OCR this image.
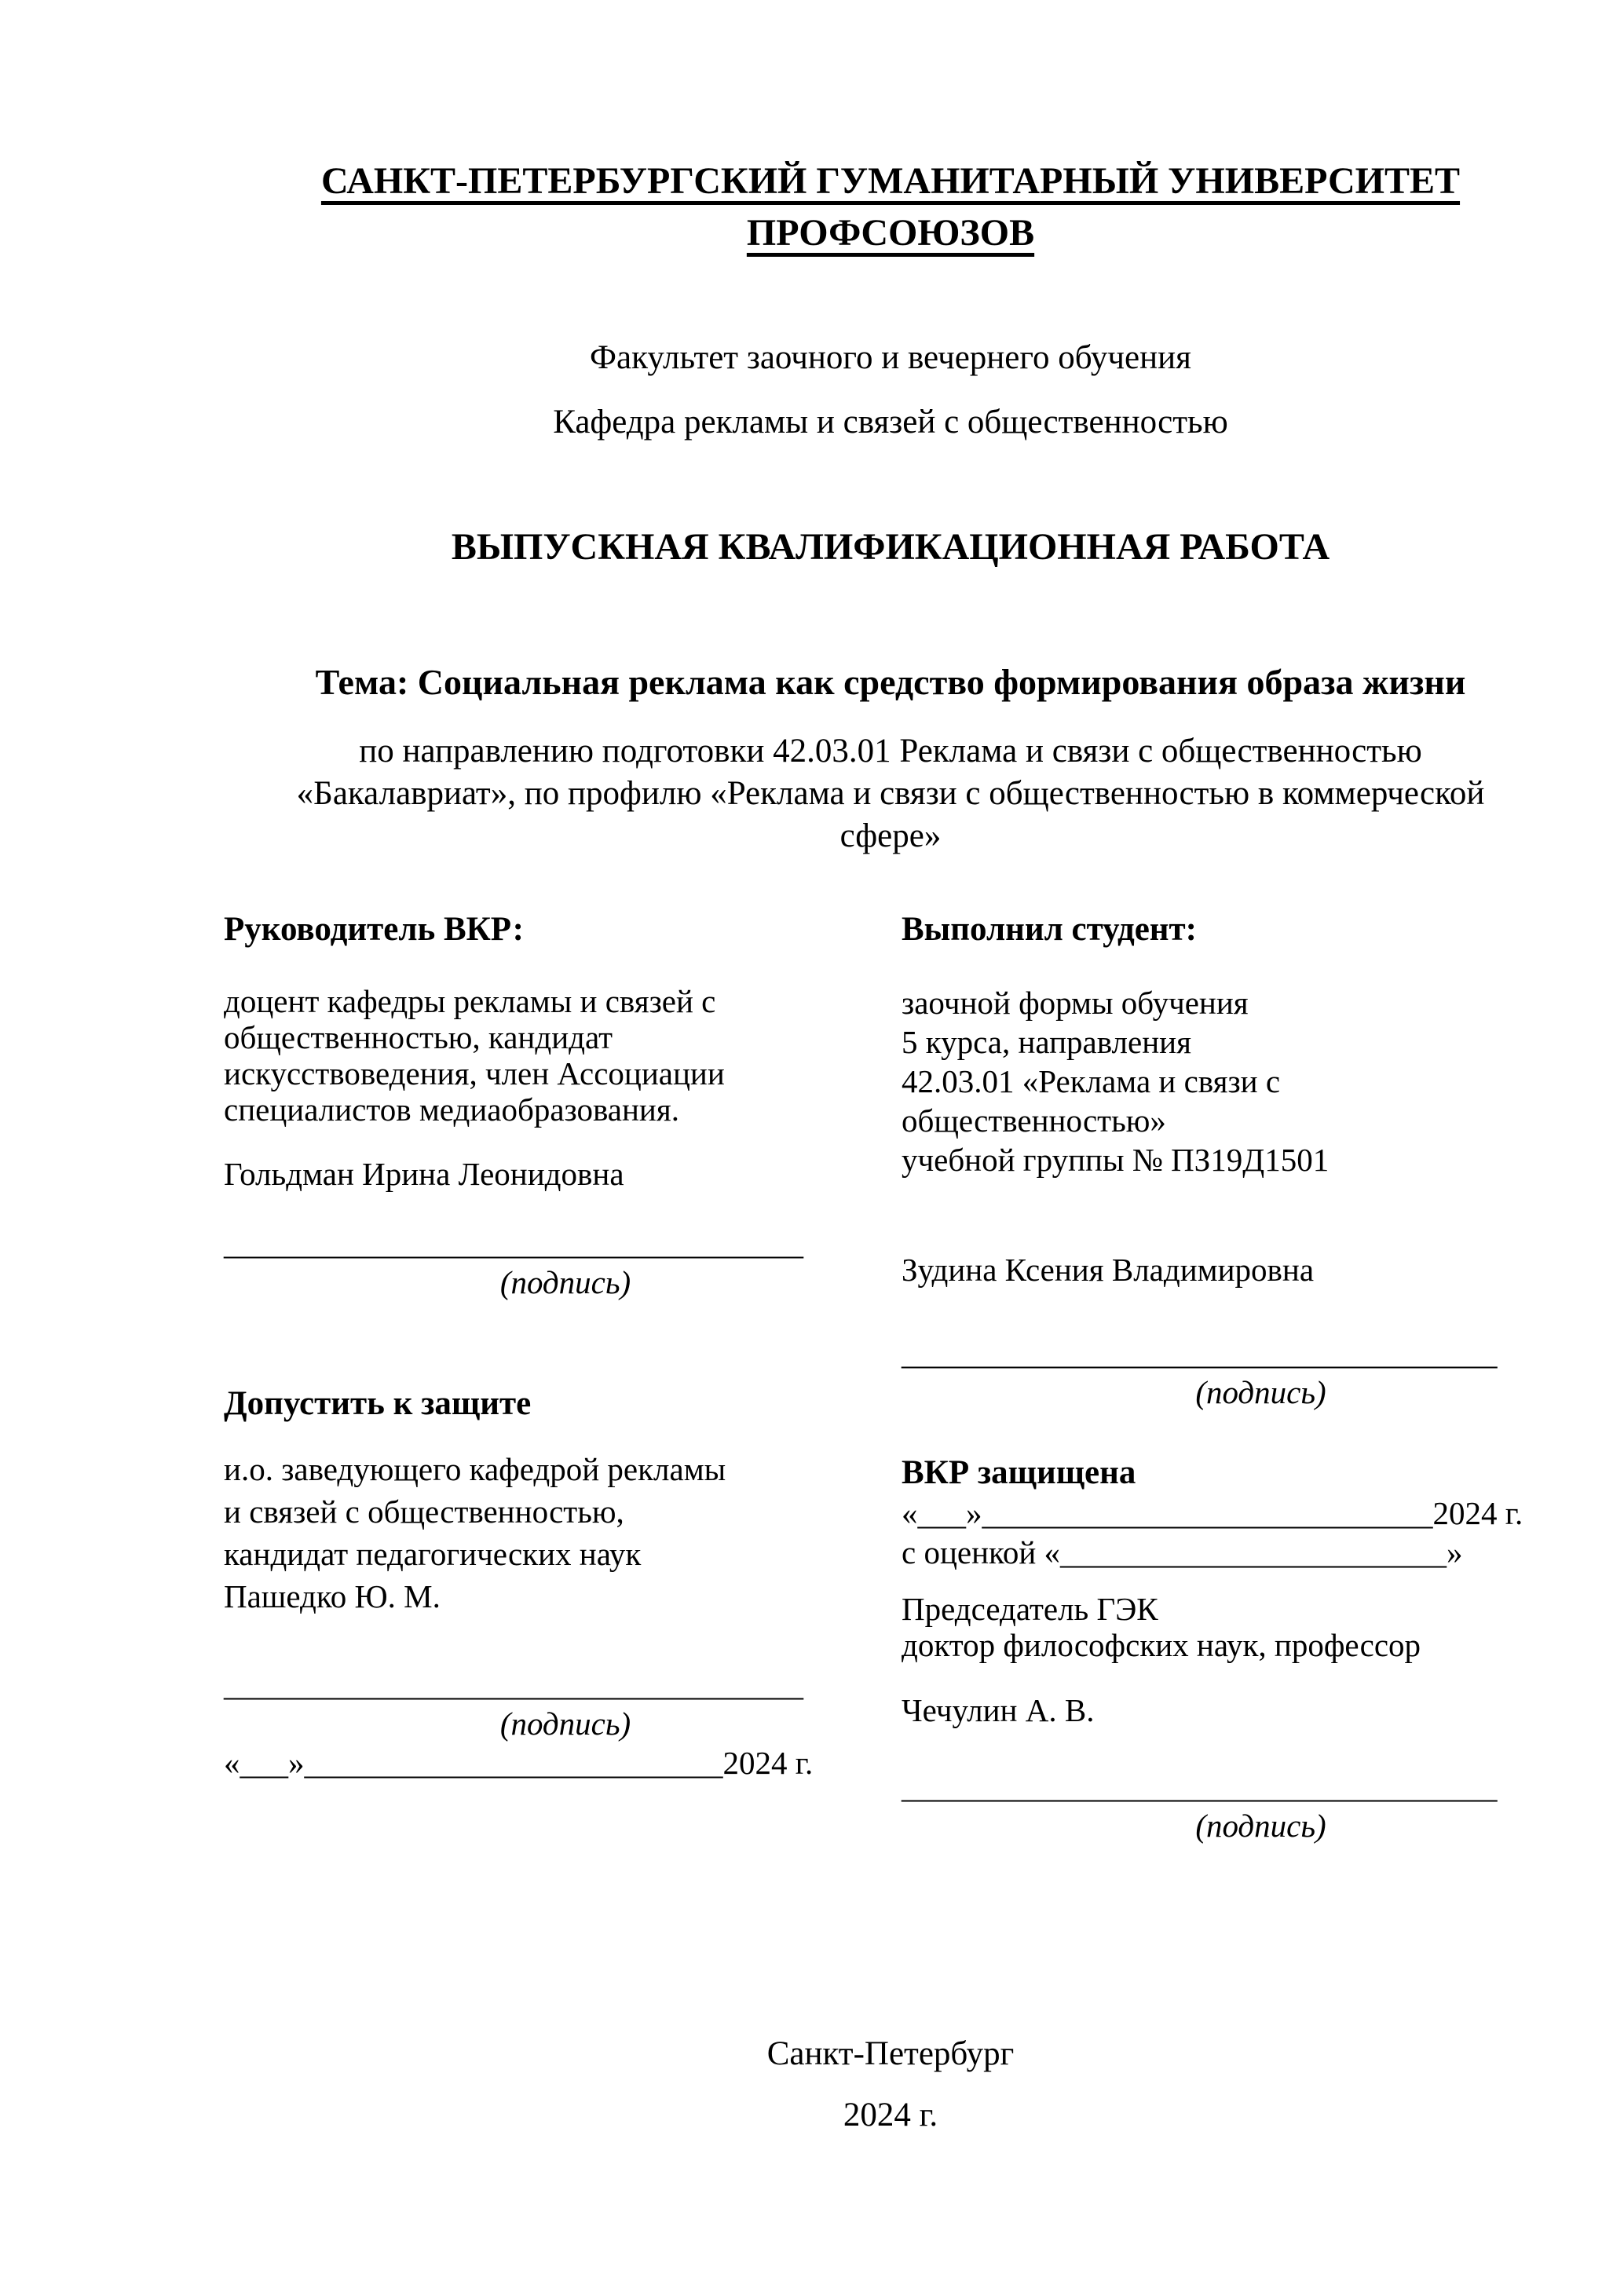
САНКТ-ПЕТЕРБУРГСКИЙ ГУМАНИТАРНЫЙ УНИВЕРСИТЕТ
ПРОФСОЮЗОВ
Факультет заочного и вечернего обучения
Кафедра рекламы и связей с общественностью
ВЫПУСКНАЯ КВАЛИФИКАЦИОННАЯ РАБОТА
Тема: Социальная реклама как средство формирования образа жизни
по направлению подготовки 42.03.01 Реклама и связи с общественностью
«Бакалавриат», по профилю «Реклама и связи с общественностью в коммерческой
сфере»
Руководитель ВКР:
доцент кафедры рекламы и связей с
общественностью, кандидат
искусствоведения, член Ассоциации
специалистов медиаобразования.
Гольдман Ирина Леонидовна
____________________________________
(подпись)
Допустить к защите
и.о. заведующего кафедрой рекламы
и связей с общественностью,
кандидат педагогических наук
Пашедко Ю. М.
____________________________________
(подпись)
«___»__________________________2024 г.
Выполнил студент:
заочной формы обучения
5 курса, направления
42.03.01 «Реклама и связи с
общественностью»
учебной группы № ПЗ19Д1501
Зудина Ксения Владимировна
_____________________________________
(подпись)
ВКР защищена
«___»____________________________2024 г.
с оценкой «________________________»
Председатель ГЭК
доктор философских наук, профессор
Чечулин А. В.
_____________________________________
(подпись)
Санкт-Петербург
2024 г.
